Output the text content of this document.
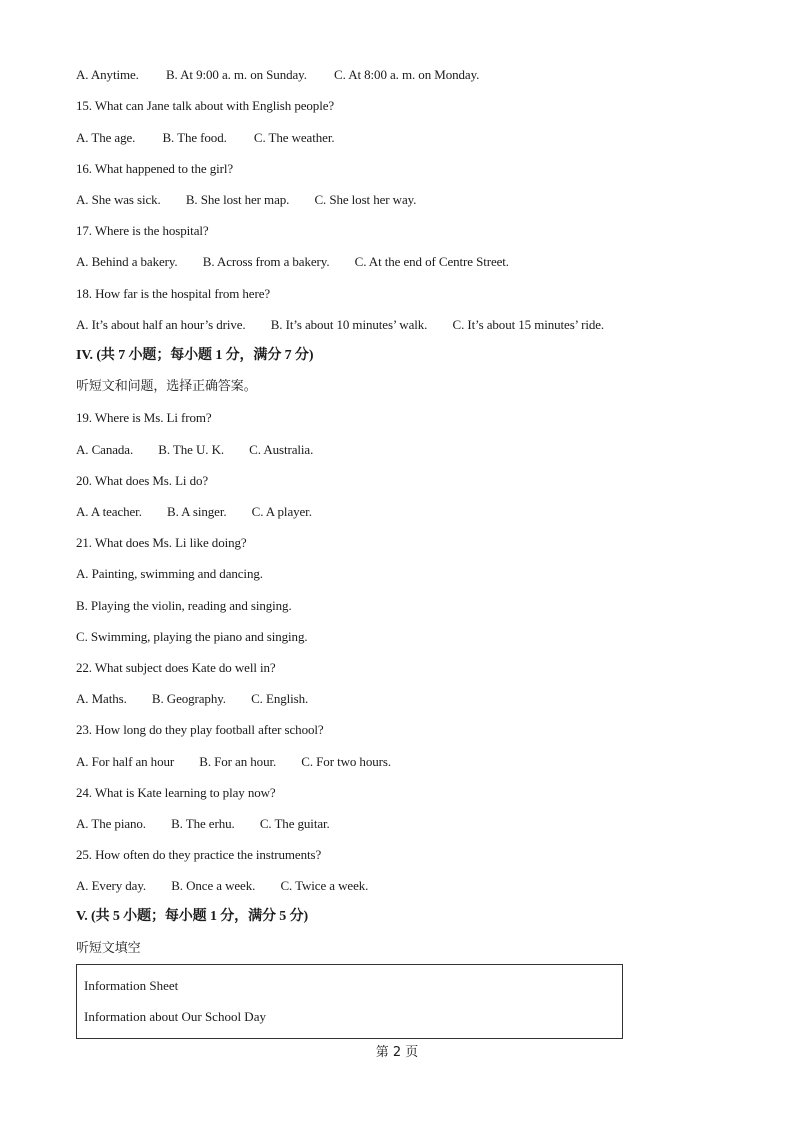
A. Anytime. B. At 9:00 a. m. on Sunday. C. At 8:00 a. m. on Monday.
15. What can Jane talk about with English people?
A. The age. B. The food. C. The weather.
16. What happened to the girl?
A. She was sick. B. She lost her map. C. She lost her way.
17. Where is the hospital?
A. Behind a bakery. B. Across from a bakery. C. At the end of Centre Street.
18. How far is the hospital from here?
A. It’s about half an hour’s drive. B. It’s about 10 minutes’ walk. C. It’s about 15 minutes’ ride.
IV. (共 7 小题；每小题 1 分，满分 7 分)
听短文和问题，选择正确答案。
19. Where is Ms. Li from?
A. Canada. B. The U. K. C. Australia.
20. What does Ms. Li do?
A. A teacher. B. A singer. C. A player.
21. What does Ms. Li like doing?
A. Painting, swimming and dancing.
B. Playing the violin, reading and singing.
C. Swimming, playing the piano and singing.
22. What subject does Kate do well in?
A. Maths. B. Geography. C. English.
23. How long do they play football after school?
A. For half an hour B. For an hour. C. For two hours.
24. What is Kate learning to play now?
A. The piano. B. The erhu. C. The guitar.
25. How often do they practice the instruments?
A. Every day. B. Once a week. C. Twice a week.
V. (共 5 小题；每小题 1 分，满分 5 分)
听短文填空
Information Sheet
Information about Our School Day
第 2 页
